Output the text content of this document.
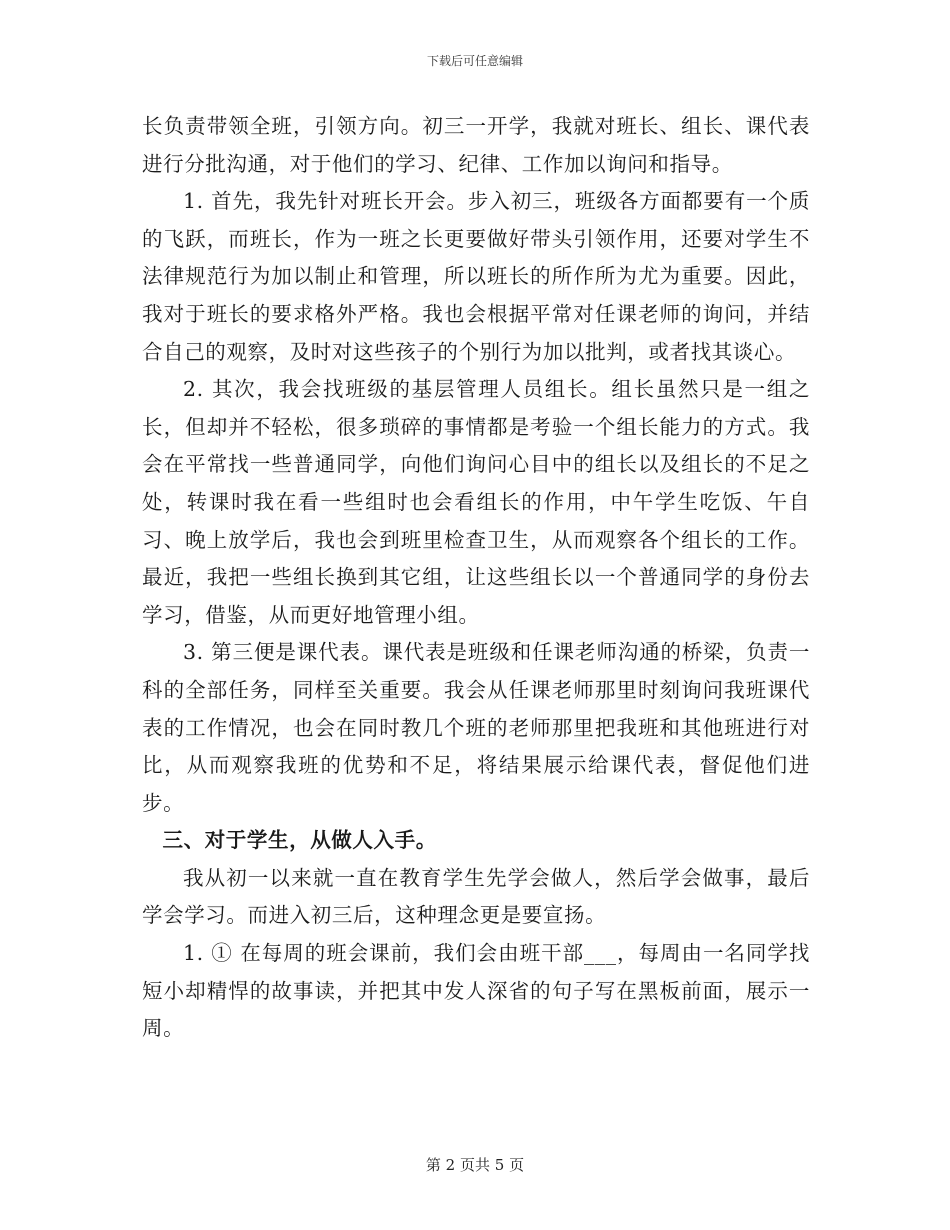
下载后可任意编辑

长负责带领全班，引领方向。初三一开学，我就对班长、组长、课代表进行分批沟通，对于他们的学习、纪律、工作加以询问和指导。

1. 首先，我先针对班长开会。步入初三，班级各方面都要有一个质的飞跃，而班长，作为一班之长更要做好带头引领作用，还要对学生不法律规范行为加以制止和管理，所以班长的所作所为尤为重要。因此，我对于班长的要求格外严格。我也会根据平常对任课老师的询问，并结合自己的观察，及时对这些孩子的个别行为加以批判，或者找其谈心。

2. 其次，我会找班级的基层管理人员组长。组长虽然只是一组之长，但却并不轻松，很多琐碎的事情都是考验一个组长能力的方式。我会在平常找一些普通同学，向他们询问心目中的组长以及组长的不足之处，转课时我在看一些组时也会看组长的作用，中午学生吃饭、午自习、晚上放学后，我也会到班里检查卫生，从而观察各个组长的工作。最近，我把一些组长换到其它组，让这些组长以一个普通同学的身份去学习，借鉴，从而更好地管理小组。

3. 第三便是课代表。课代表是班级和任课老师沟通的桥梁，负责一科的全部任务，同样至关重要。我会从任课老师那里时刻询问我班课代表的工作情况，也会在同时教几个班的老师那里把我班和其他班进行对比，从而观察我班的优势和不足，将结果展示给课代表，督促他们进步。

三、对于学生，从做人入手。

我从初一以来就一直在教育学生先学会做人，然后学会做事，最后学会学习。而进入初三后，这种理念更是要宣扬。

1. ① 在每周的班会课前，我们会由班干部___，每周由一名同学找短小却精悍的故事读，并把其中发人深省的句子写在黑板前面，展示一周。

第 2 页共 5 页
